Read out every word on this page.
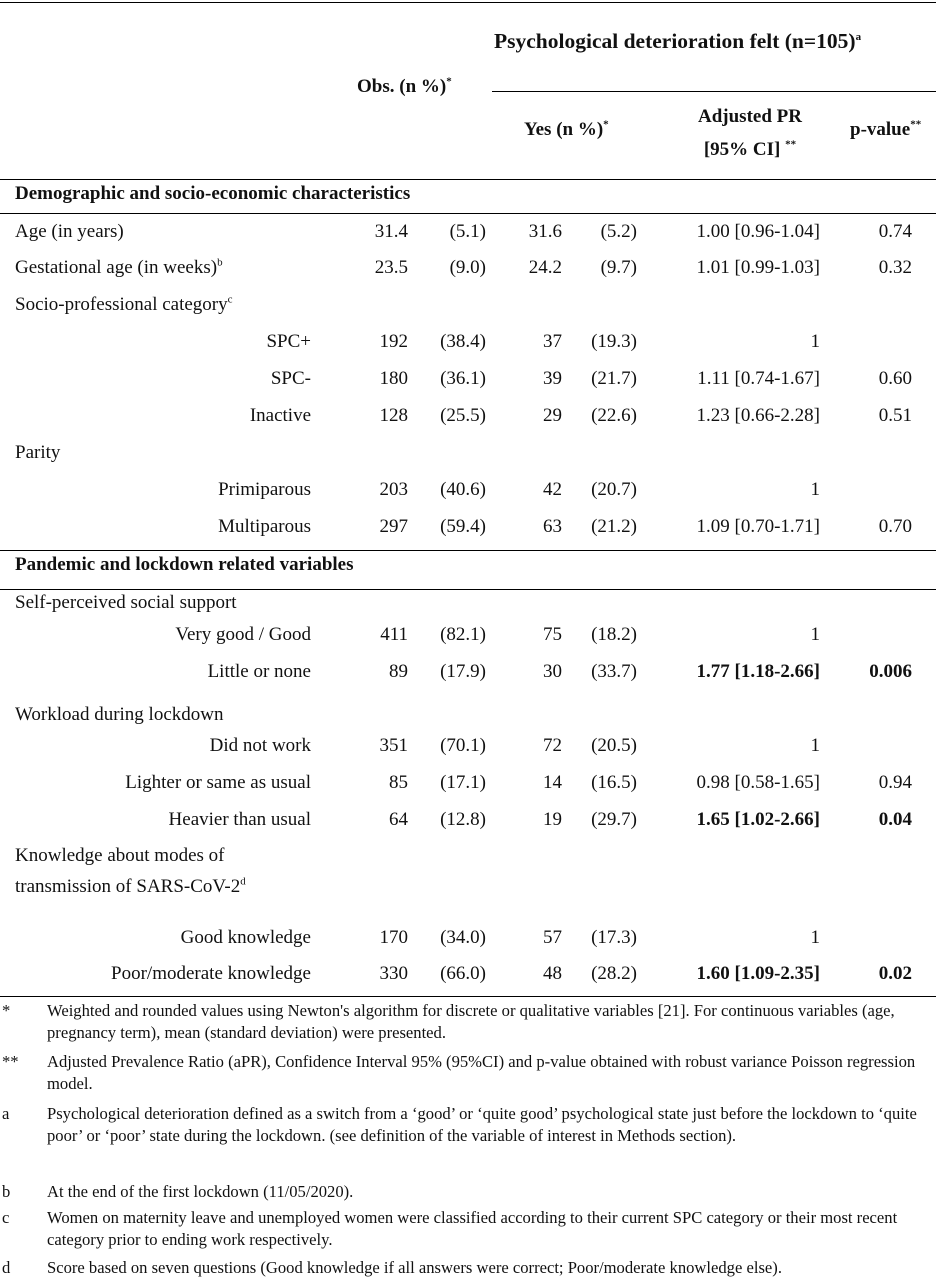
Psychological deterioration felt (n=105)$^a$
Obs. (n %)*
Yes (n %)*	Adjusted PR
[95% CI] **
p-value**
Demographic and socio-economic characteristics
Pandemic and lockdown related variables
Age (in years)	31.4 (5.1) 31.6 (5.2)	1.00 [0.96-1.04]	0.74
Gestational age (in weeks)$^b$	23.5 (9.0) 24.2 (9.7)	1.01 [0.99-1.03]	0.32
Socio-professional category$^c$
SPC+	192 (38.4)	37 (19.3)	1
SPC-	180 (36.1)	39 (21.7)	1.11 [0.74-1.67]	0.60
Inactive	128 (25.5)	29 (22.6)	1.23 [0.66-2.28]	0.51
Parity
Primiparous	203 (40.6)	42 (20.7)	1
Multiparous	297 (59.4)	63 (21.2)	1.09 [0.70-1.71]	0.70
Self-perceived social support
Very good / Good	411 (82.1)	75 (18.2)	1
Little or none	89 (17.9)	30 (33.7)	1.77 [1.18-2.66]	0.006
Workload during lockdown
Did not work	351 (70.1)	72 (20.5)	1
Lighter or same as usual	85 (17.1)	14 (16.5)	0.98 [0.58-1.65]	0.94
Heavier than usual	64 (12.8)	19 (29.7)	1.65 [1.02-2.66]	0.04
Knowledge about modes of
transmission of SARS-CoV-2$^d$
Good knowledge	170 (34.0)	57 (17.3)	1
Poor/moderate knowledge	330 (66.0)	48 (28.2)	1.60 [1.09-2.35]	0.02
* Weighted and rounded values using Newton's algorithm for discrete or qualitative variables [21]. For continuous variables (age, pregnancy term), mean (standard deviation) were presented.
** Adjusted Prevalence Ratio (aPR), Confidence Interval 95% (95%CI) and p-value obtained with robust variance Poisson regression model.
a Psychological deterioration defined as a switch from a ‘good’ or ‘quite good’ psychological state just before the lockdown to ‘quite poor’ or ‘poor’ state during the lockdown. (see definition of the variable of interest in Methods section).
b At the end of the first lockdown (11/05/2020).
c Women on maternity leave and unemployed women were classified according to their current SPC category or their most recent category prior to ending work respectively.
d Score based on seven questions (Good knowledge if all answers were correct; Poor/moderate knowledge else).
